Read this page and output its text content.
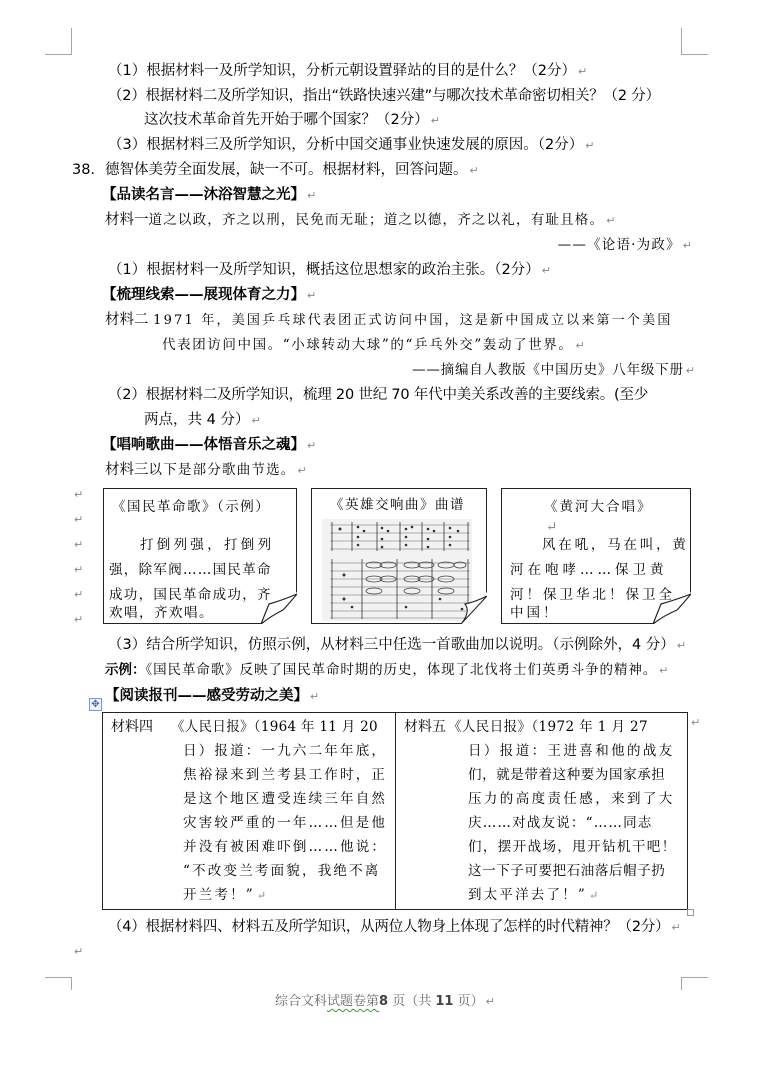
（1）根据材料一及所学知识，分析元朝设置驿站的目的是什么？（2分） ↵
（2）根据材料二及所学知识，指出“铁路快速兴建”与哪次技术革命密切相关？（2 分）
这次技术革命首先开始于哪个国家？（2分） ↵
（3）根据材料三及所学知识，分析中国交通事业快速发展的原因。（2分） ↵
38．德智体美劳全面发展，缺一不可。根据材料，回答问题。 ↵
【品读名言——沐浴智慧之光】 ↵
材料一道之以政，齐之以刑，民免而无耻；道之以德，齐之以礼，有耻且格。 ↵
——《论语·为政》 ↵
（1）根据材料一及所学知识，概括这位思想家的政治主张。（2分） ↵
【梳理线索——展现体育之力】 ↵
材料二 1971 年，美国乒乓球代表团正式访问中国，这是新中国成立以来第一个美国
代表团访问中国。“小球转动大球”的“乒乓外交”轰动了世界。 ↵
——摘编自人教版《中国历史》八年级下册 ↵
（2）根据材料二及所学知识，梳理 20 世纪 70 年代中美关系改善的主要线索。(至少
两点，共 4 分） ↵
【唱响歌曲——体悟音乐之魂】 ↵
材料三以下是部分歌曲节选。 ↵
↵
↵
↵
↵
↵
↵
《国民革命歌》（示例）
打倒列强，打倒列
强，除军阀……国民革命
成功，国民革命成功，齐
欢唱，齐欢唱。
《英雄交响曲》曲谱	《黄河大合唱》
↵
风在吼，马在叫，黄
河在咆哮……保卫黄
河！保卫华北！保卫全
中国！
（3）结合所学知识，仿照示例，从材料三中任选一首歌曲加以说明。（示例除外，4 分） ↵
示例：《国民革命歌》反映了国民革命时期的历史，体现了北伐将士们英勇斗争的精神。 ↵
✥
【阅读报刊——感受劳动之美】 ↵
材料四 《人民日报》（1964 年 11 月 20
日）报道：一九六二年年底，
焦裕禄来到兰考县工作时，正
是这个地区遭受连续三年自然
灾害较严重的一年……但是他
并没有被困难吓倒……他说：
“不改变兰考面貌，我绝不离
开兰考！” ↵

材料五 《人民日报》（1972 年 1 月 27
日）报道：王进喜和他的战友
们，就是带着这种要为国家承担
压力的高度责任感，来到了大
庆……对战友说：“……同志
们，摆开战场，甩开钻机干吧！
这一下子可要把石油落后帽子扔
到太平洋去了！” ↵
↵
（4）根据材料四、材料五及所学知识，从两位人物身上体现了怎样的时代精神？（2分） ↵
↵
综合文科试题卷第8 页（共 11 页） ↵
